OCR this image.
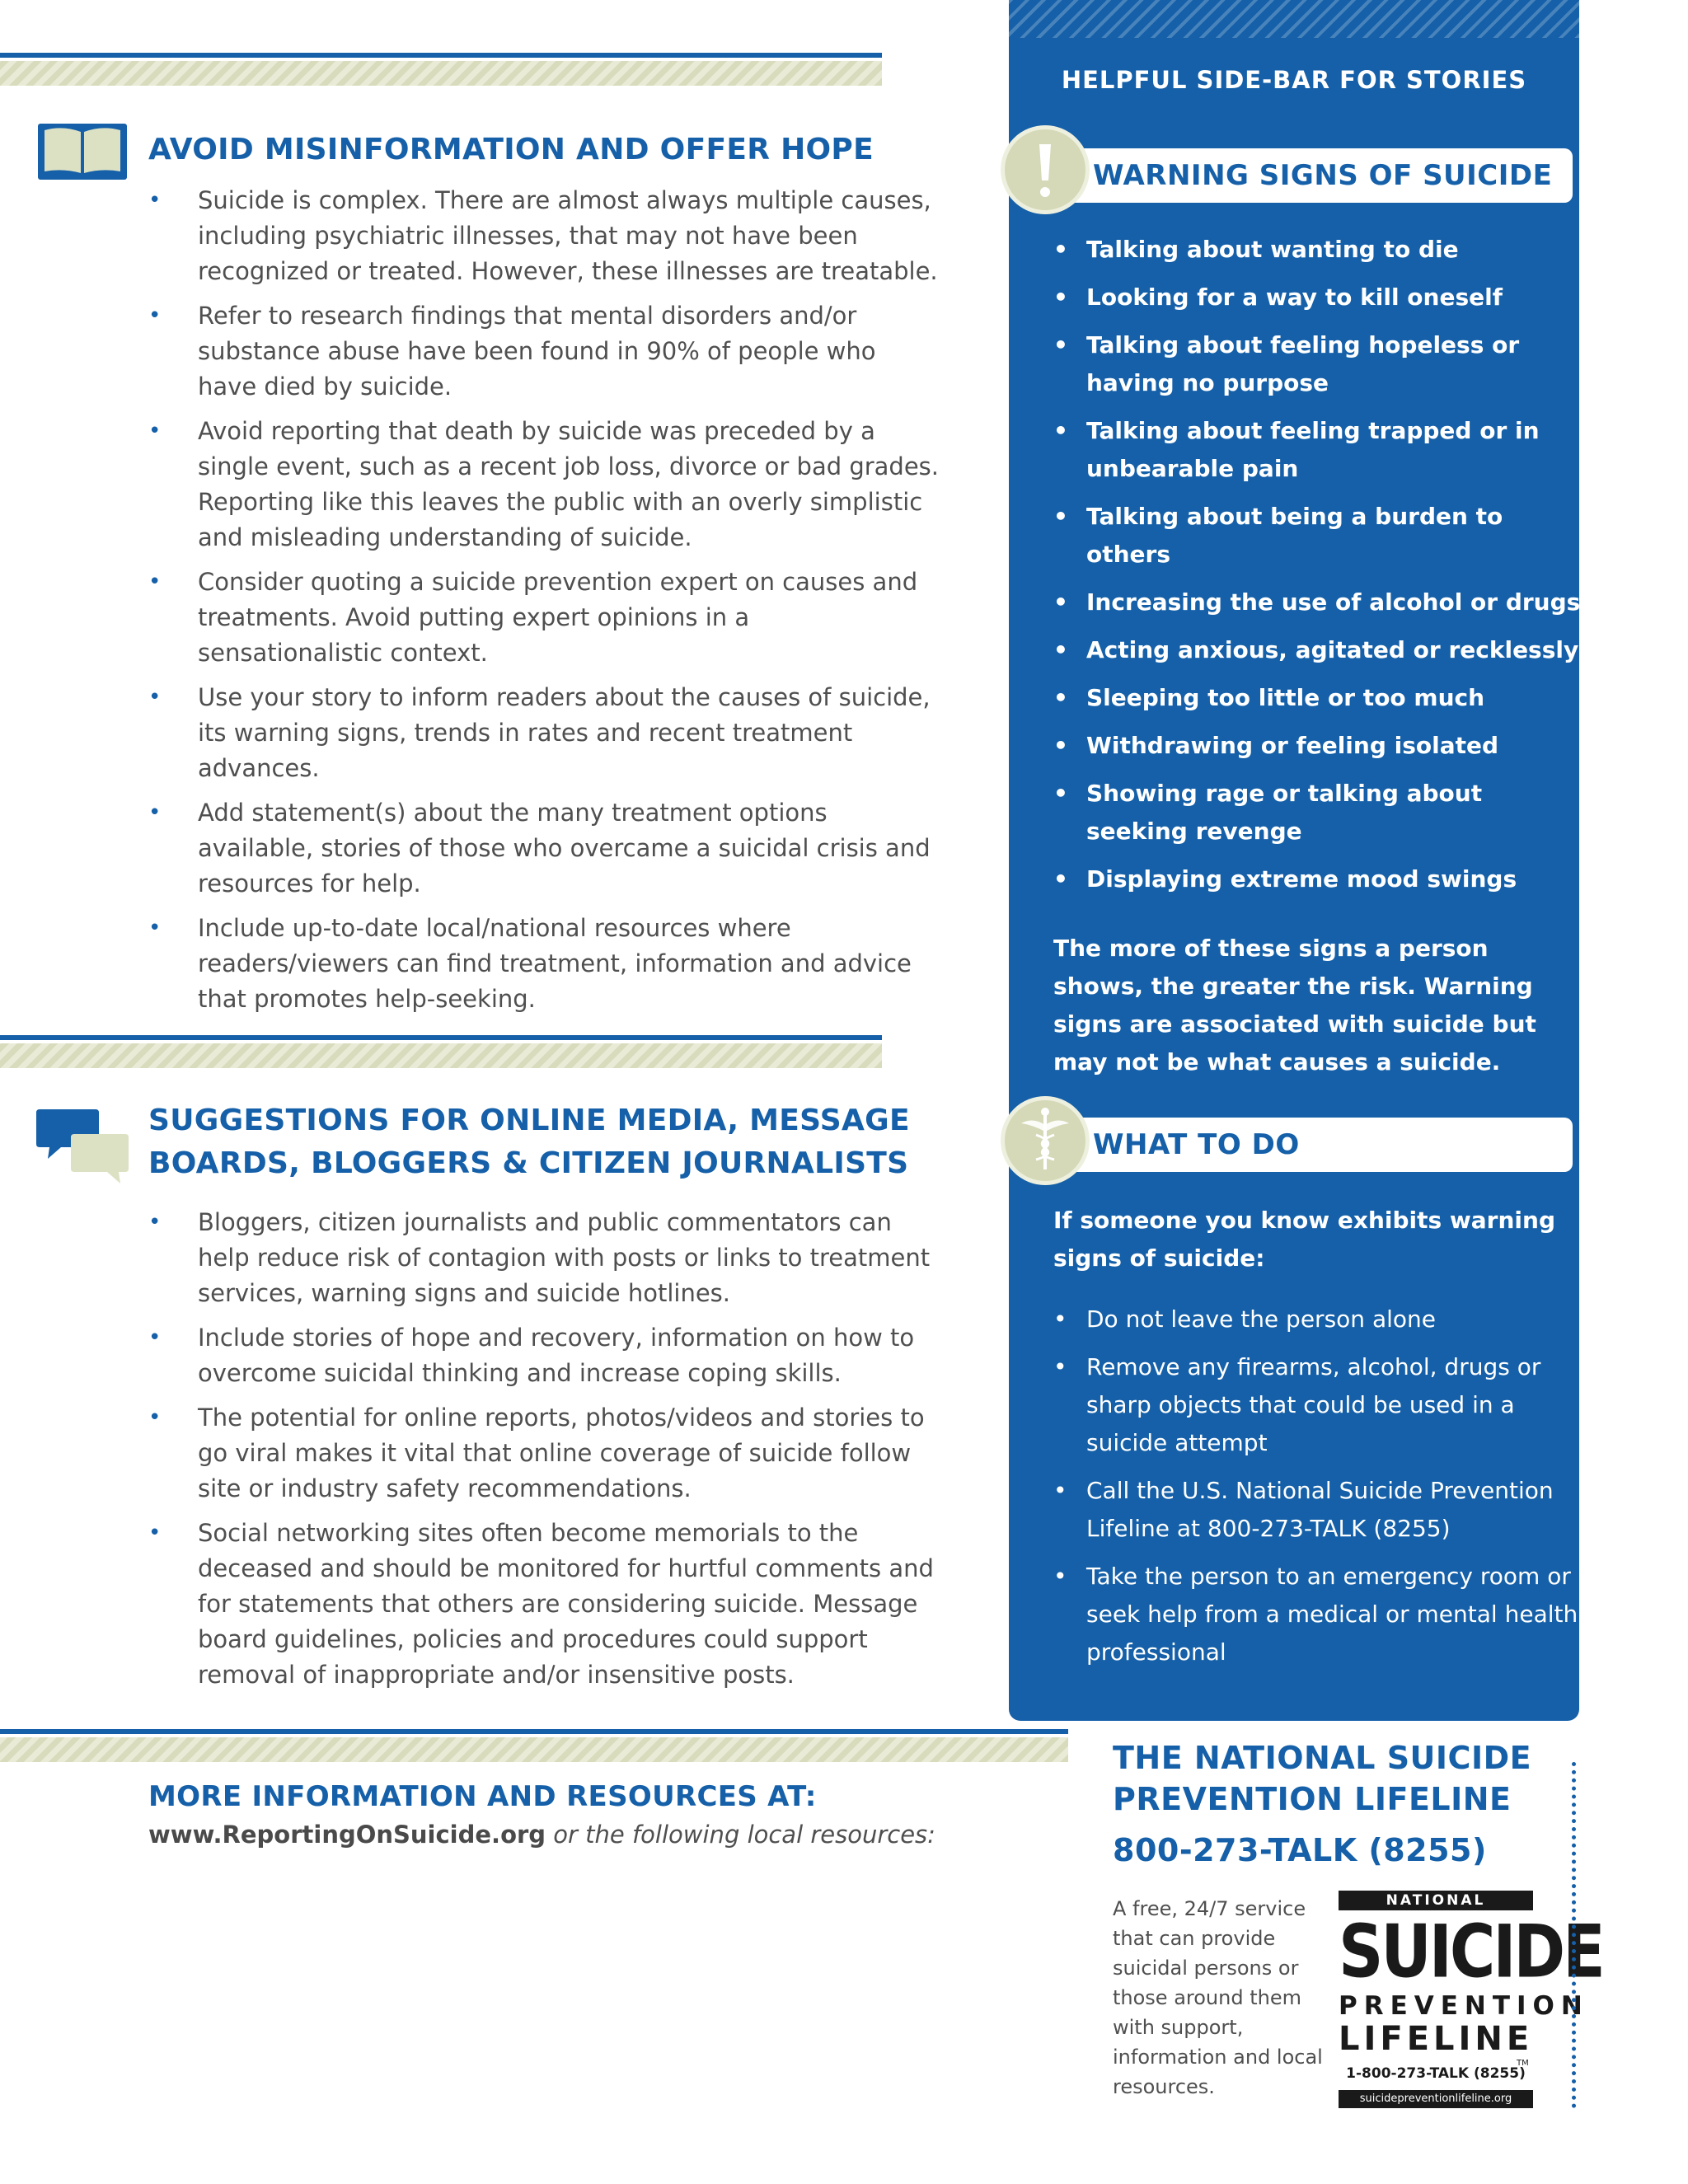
AVOID MISINFORMATION AND OFFER HOPE
• Suicide is complex. There are almost always multiple causes, including psychiatric illnesses, that may not have been recognized or treated. However, these illnesses are treatable.
• Refer to research findings that mental disorders and/or substance abuse have been found in 90% of people who have died by suicide.
• Avoid reporting that death by suicide was preceded by a single event, such as a recent job loss, divorce or bad grades. Reporting like this leaves the public with an overly simplistic and misleading understanding of suicide.
• Consider quoting a suicide prevention expert on causes and treatments. Avoid putting expert opinions in a sensationalistic context.
• Use your story to inform readers about the causes of suicide, its warning signs, trends in rates and recent treatment advances.
• Add statement(s) about the many treatment options available, stories of those who overcame a suicidal crisis and resources for help.
• Include up-to-date local/national resources where readers/viewers can find treatment, information and advice that promotes help-seeking.
SUGGESTIONS FOR ONLINE MEDIA, MESSAGE
BOARDS, BLOGGERS & CITIZEN JOURNALISTS
• Bloggers, citizen journalists and public commentators can help reduce risk of contagion with posts or links to treatment services, warning signs and suicide hotlines.
• Include stories of hope and recovery, information on how to overcome suicidal thinking and increase coping skills.
• The potential for online reports, photos/videos and stories to go viral makes it vital that online coverage of suicide follow site or industry safety recommendations.
• Social networking sites often become memorials to the deceased and should be monitored for hurtful comments and for statements that others are considering suicide. Message board guidelines, policies and procedures could support removal of inappropriate and/or insensitive posts.
MORE INFORMATION AND RESOURCES AT:

www.ReportingOnSuicide.org or the following local resources:

HELPFUL SIDE-BAR FOR STORIES
WARNING SIGNS OF SUICIDE
• Talking about wanting to die
• Looking for a way to kill oneself
• Talking about feeling hopeless or having no purpose
• Talking about feeling trapped or in unbearable pain
• Talking about being a burden to others
• Increasing the use of alcohol or drugs
• Acting anxious, agitated or recklessly
• Sleeping too little or too much
• Withdrawing or feeling isolated
• Showing rage or talking about seeking revenge
• Displaying extreme mood swings

The more of these signs a person shows, the greater the risk. Warning signs are associated with suicide but may not be what causes a suicide.

WHAT TO DO

If someone you know exhibits warning signs of suicide:

• Do not leave the person alone
• Remove any firearms, alcohol, drugs or sharp objects that could be used in a suicide attempt
• Call the U.S. National Suicide Prevention Lifeline at 800-273-TALK (8255)
• Take the person to an emergency room or seek help from a medical or mental health professional
THE NATIONAL SUICIDE PREVENTION LIFELINE

800-273-TALK (8255)

A free, 24/7 service that can provide suicidal persons or those around them with support, information and local resources.

NATIONAL
SUICIDE
PREVENTION
LIFELINE
1-800-273-TALK (8255)
suicidepreventionlifeline.org
TM
